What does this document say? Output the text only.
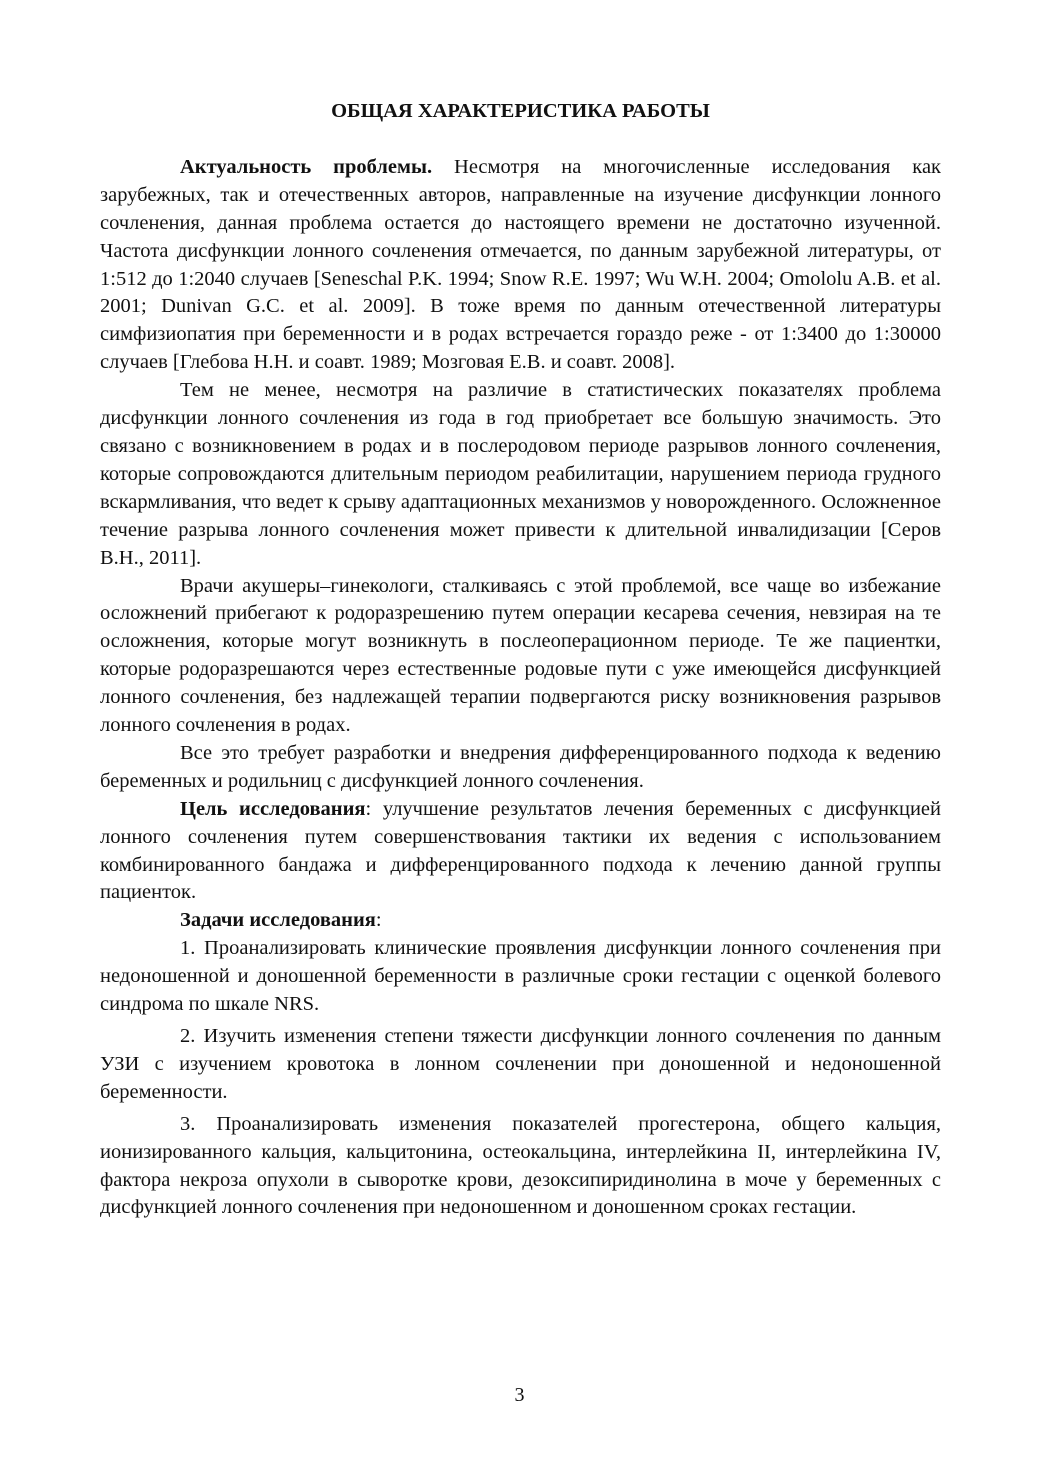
ОБЩАЯ ХАРАКТЕРИСТИКА РАБОТЫ

Актуальность проблемы. Несмотря на многочисленные исследования как зарубежных, так и отечественных авторов, направленные на изучение дисфункции лонного сочленения, данная проблема остается до настоящего времени не достаточно изученной. Частота дисфункции лонного сочленения отмечается, по данным зарубежной литературы, от 1:512 до 1:2040 случаев [Seneschal P.K. 1994; Snow R.E. 1997; Wu W.H. 2004; Omololu A.B. et al. 2001; Dunivan G.C. et al. 2009]. В тоже время по данным отечественной литературы симфизиопатия при беременности и в родах встречается гораздо реже - от 1:3400 до 1:30000 случаев [Глебова Н.Н. и соавт. 1989; Мозговая Е.В. и соавт. 2008].

Тем не менее, несмотря на различие в статистических показателях проблема дисфункции лонного сочленения из года в год приобретает все большую значимость. Это связано с возникновением в родах и в послеродовом периоде разрывов лонного сочленения, которые сопровождаются длительным периодом реабилитации, нарушением периода грудного вскармливания, что ведет к срыву адаптационных механизмов у новорожденного. Осложненное течение разрыва лонного сочленения может привести к длительной инвалидизации [Серов В.Н., 2011].

Врачи акушеры–гинекологи, сталкиваясь с этой проблемой, все чаще во избежание осложнений прибегают к родоразрешению путем операции кесарева сечения, невзирая на те осложнения, которые могут возникнуть в послеоперационном периоде. Те же пациентки, которые родоразрешаются через естественные родовые пути с уже имеющейся дисфункцией лонного сочленения, без надлежащей терапии подвергаются риску возникновения разрывов лонного сочленения в родах.

Все это требует разработки и внедрения дифференцированного подхода к ведению беременных и родильниц с дисфункцией лонного сочленения.

Цель исследования: улучшение результатов лечения беременных с дисфункцией лонного сочленения путем совершенствования тактики их ведения с использованием комбинированного бандажа и дифференцированного подхода к лечению данной группы пациенток.

Задачи исследования:

1. Проанализировать клинические проявления дисфункции лонного сочленения при недоношенной и доношенной беременности в различные сроки гестации с оценкой болевого синдрома по шкале NRS.

2. Изучить изменения степени тяжести дисфункции лонного сочленения по данным УЗИ с изучением кровотока в лонном сочленении при доношенной и недоношенной беременности.

3. Проанализировать изменения показателей прогестерона, общего кальция, ионизированного кальция, кальцитонина, остеокальцина, интерлейкина II, интерлейкина IV, фактора некроза опухоли в сыворотке крови, дезоксипиридинолина в моче у беременных с дисфункцией лонного сочленения при недоношенном и доношенном сроках гестации.

3
